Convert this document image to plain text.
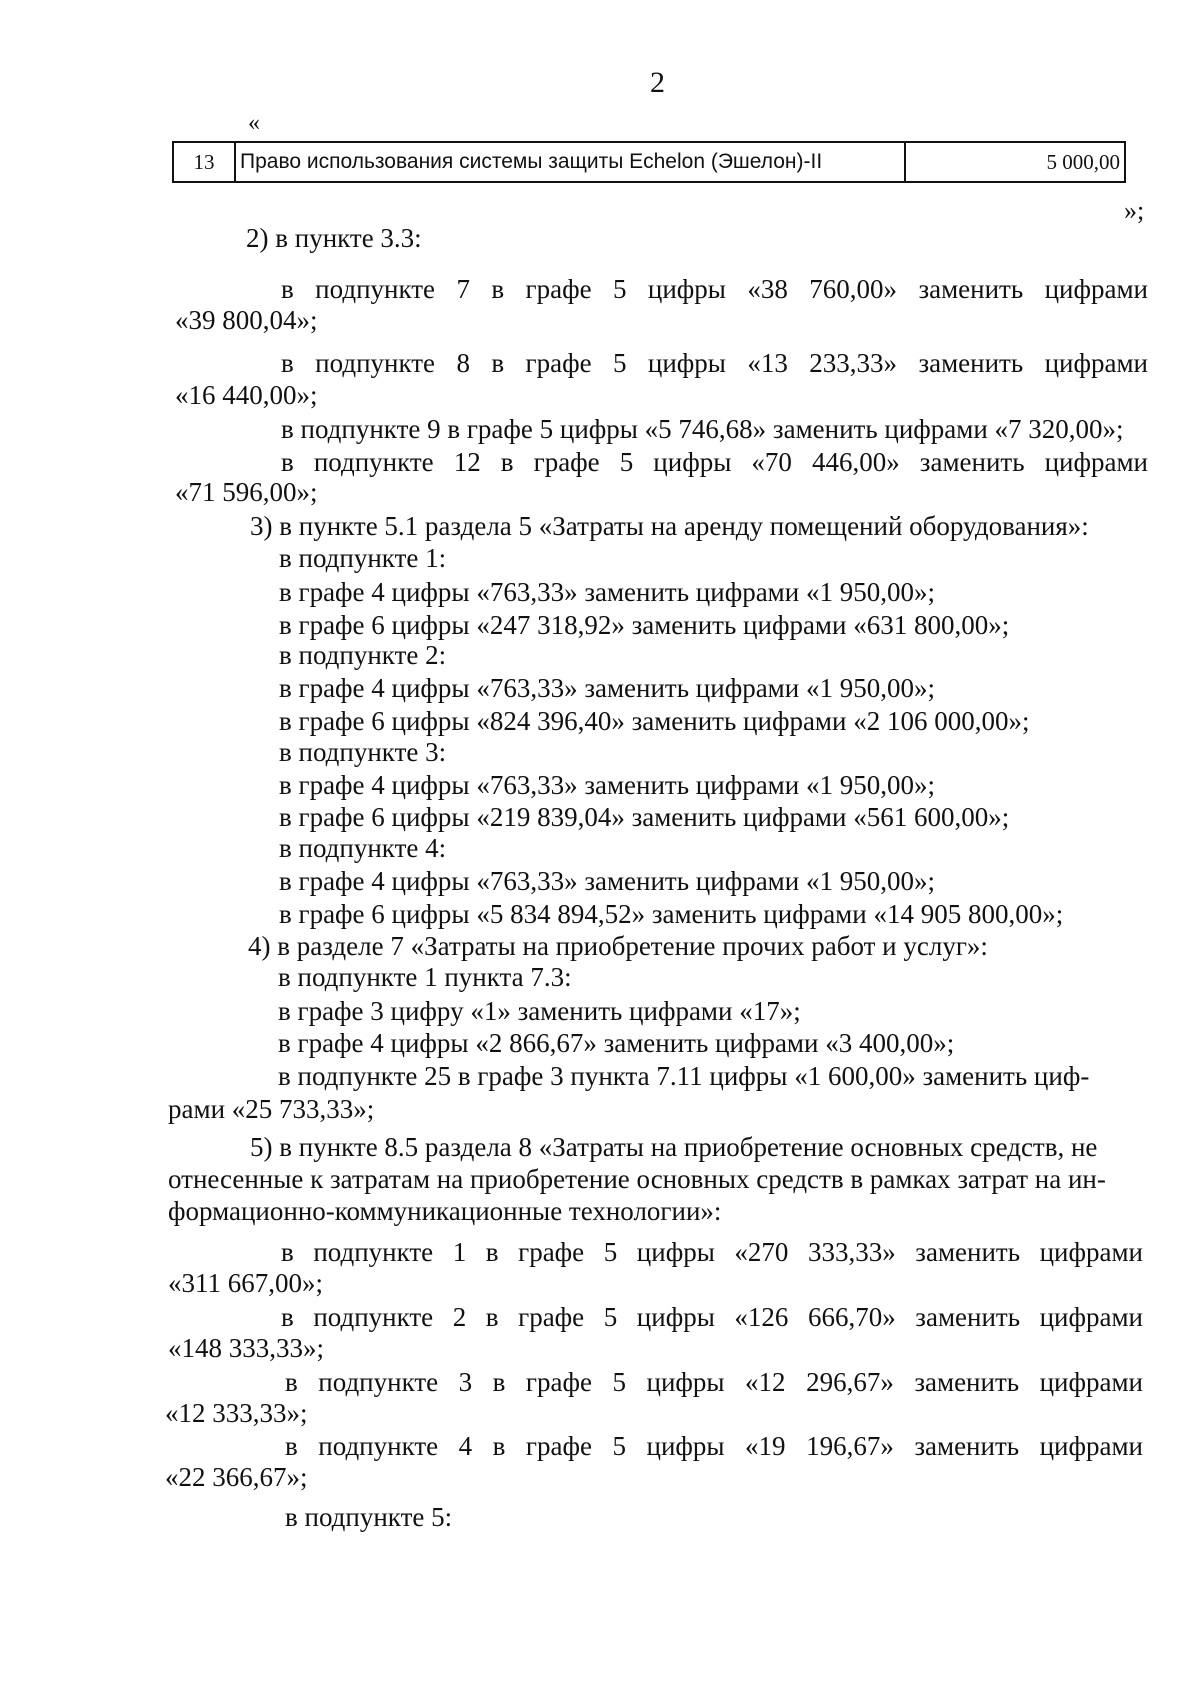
2
«
13	Право использования системы защиты Echelon (Эшелон)-II	5 000,00
»;
2) в пункте 3.3:
в подпункте 7 в графе 5 цифры «38 760,00» заменить цифрами
«39 800,04»;
в подпункте 8 в графе 5 цифры «13 233,33» заменить цифрами
«16 440,00»;
в подпункте 9 в графе 5 цифры «5 746,68» заменить цифрами «7 320,00»;
в подпункте 12 в графе 5 цифры «70 446,00» заменить цифрами
«71 596,00»;
3) в пункте 5.1 раздела 5 «Затраты на аренду помещений оборудования»:
в подпункте 1:
в графе 4 цифры «763,33» заменить цифрами «1 950,00»;
в графе 6 цифры «247 318,92» заменить цифрами «631 800,00»;
в подпункте 2:
в графе 4 цифры «763,33» заменить цифрами «1 950,00»;
в графе 6 цифры «824 396,40» заменить цифрами «2 106 000,00»;
в подпункте 3:
в графе 4 цифры «763,33» заменить цифрами «1 950,00»;
в графе 6 цифры «219 839,04» заменить цифрами «561 600,00»;
в подпункте 4:
в графе 4 цифры «763,33» заменить цифрами «1 950,00»;
в графе 6 цифры «5 834 894,52» заменить цифрами «14 905 800,00»;
4) в разделе 7 «Затраты на приобретение прочих работ и услуг»:
в подпункте 1 пункта 7.3:
в графе 3 цифру «1» заменить цифрами «17»;
в графе 4 цифры «2 866,67» заменить цифрами «3 400,00»;
в подпункте 25 в графе 3 пункта 7.11 цифры «1 600,00» заменить циф-
рами «25 733,33»;
5) в пункте 8.5 раздела 8 «Затраты на приобретение основных средств, не
отнесенные к затратам на приобретение основных средств в рамках затрат на ин-
формационно-коммуникационные технологии»:
в подпункте 1 в графе 5 цифры «270 333,33» заменить цифрами
«311 667,00»;
в подпункте 2 в графе 5 цифры «126 666,70» заменить цифрами
«148 333,33»;
в подпункте 3 в графе 5 цифры «12 296,67» заменить цифрами
«12 333,33»;
в подпункте 4 в графе 5 цифры «19 196,67» заменить цифрами
«22 366,67»;
в подпункте 5:
